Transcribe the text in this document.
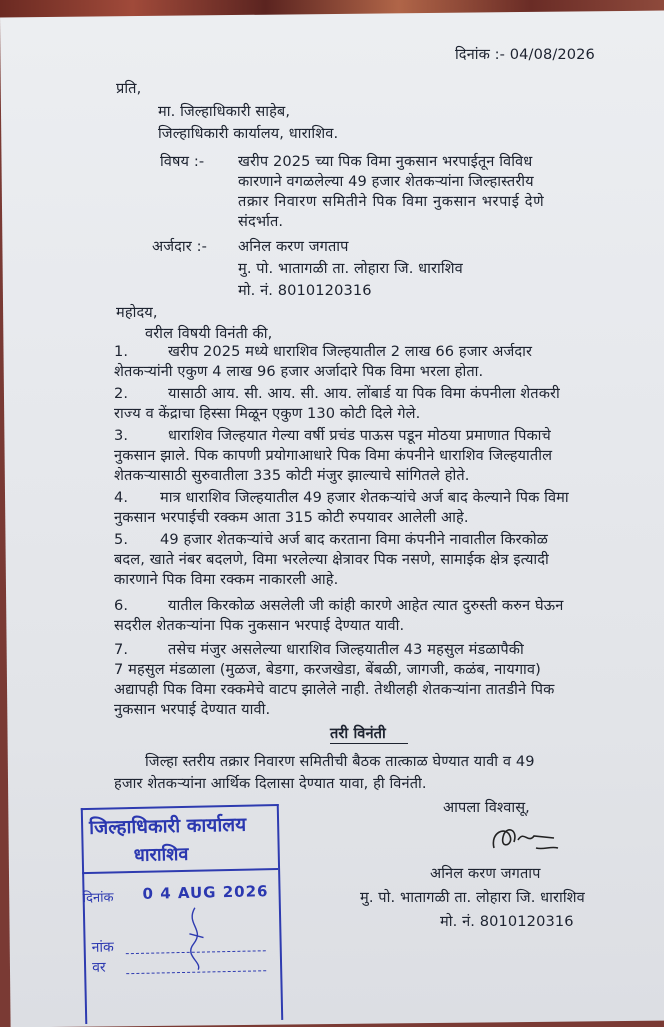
दिनांक :- 04/08/2026
प्रति,
मा. जिल्हाधिकारी साहेब,
जिल्हाधिकारी कार्यालय, धाराशिव.
विषय :- खरीप 2025 च्या पिक विमा नुकसान भरपाईतून विविध
कारणाने वगळलेल्या 49 हजार शेतकऱ्यांना जिल्हास्तरीय
तक्रार निवारण समितीने पिक विमा नुकसान भरपाई देणे
संदर्भात.
अर्जदार :- अनिल करण जगताप
मु. पो. भातागळी ता. लोहारा जि. धाराशिव
मो. नं. 8010120316
महोदय,
वरील विषयी विनंती की,
1.	खरीप 2025 मध्ये धाराशिव जिल्हयातील 2 लाख 66 हजार अर्जदार
शेतकऱ्यांनी एकुण 4 लाख 96 हजार अर्जादारे पिक विमा भरला होता.
2.	यासाठी आय. सी. आय. सी. आय. लोंबार्ड या पिक विमा कंपनीला शेतकरी
राज्य व केंद्राचा हिस्सा मिळून एकुण 130 कोटी दिले गेले.
3.	धाराशिव जिल्हयात गेल्या वर्षी प्रचंड पाऊस पडून मोठया प्रमाणात पिकाचे
नुकसान झाले. पिक कापणी प्रयोगाआधारे पिक विमा कंपनीने धाराशिव जिल्हयातील
शेतकऱ्यासाठी सुरुवातीला 335 कोटी मंजुर झाल्याचे सांगितले होते.
4. मात्र धाराशिव जिल्हयातील 49 हजार शेतकऱ्यांचे अर्ज बाद केल्याने पिक विमा
नुकसान भरपाईची रक्कम आता 315 कोटी रुपयावर आलेली आहे.
5. 49 हजार शेतकऱ्यांचे अर्ज बाद करताना विमा कंपनीने नावातील किरकोळ
बदल, खाते नंबर बदलणे, विमा भरलेल्या क्षेत्रावर पिक नसणे, सामाईक क्षेत्र इत्यादी
कारणाने पिक विमा रक्कम नाकारली आहे.
6.	यातील किरकोळ असलेली जी कांही कारणे आहेत त्यात दुरुस्ती करुन घेऊन
सदरील शेतकऱ्यांना पिक नुकसान भरपाई देण्यात यावी.
7.	तसेच मंजुर असलेल्या धाराशिव जिल्हयातील 43 महसुल मंडळापैकी
7 महसुल मंडळाला (मुळज, बेडगा, करजखेडा, बेंबळी, जागजी, कळंब, नायगाव)
अद्यापही पिक विमा रक्कमेचे वाटप झालेले नाही. तेथीलही शेतकऱ्यांना तातडीने पिक
नुकसान भरपाई देण्यात यावी.
तरी विनंती
जिल्हा स्तरीय तक्रार निवारण समितीची बैठक तात्काळ घेण्यात यावी व 49
हजार शेतकऱ्यांना आर्थिक दिलासा देण्यात यावा, ही विनंती.
आपला विश्वासू,
अनिल करण जगताप
मु. पो. भातागळी ता. लोहारा जि. धाराशिव
मो. नं. 8010120316
जिल्हाधिकारी कार्यालय
धाराशिव
दिनांक 0 4 AUG 2026
नांक
वर
